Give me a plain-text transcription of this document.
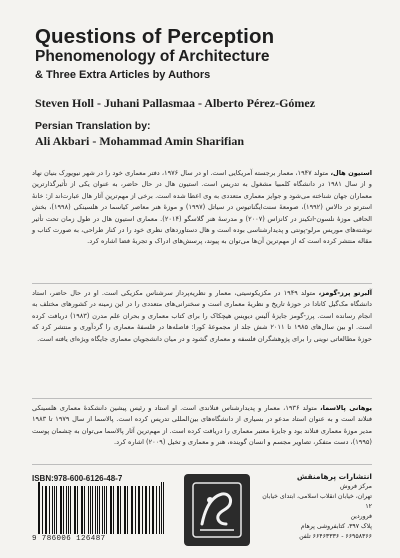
Questions of Perception

Phenomenology of Architecture

& Three Extra Articles by Authors

Steven Holl - Juhani Pallasmaa - Alberto Pérez-Gómez

Persian Translation by:

Ali Akbari - Mohammad Amin Sharifian

استیون هال، متولد ۱۹۴۷، معمار برجسته آمریکایی است. او در سال ۱۹۷۶، دفتر معماری خود را در شهر نیویورک بنیان نهاد و از سال ۱۹۸۱ در دانشگاه کلمبیا مشغول به تدریس است. استیون هال در حال حاضر، به عنوان یکی از تأثیرگذارترین معماران جهان شناخته می‌شود و جوایز معماری متعددی به وی اعطا شده است. برخی از مهم‌ترین آثار هال عبارت‌اند از: خانهٔ استرتو در دالاس (۱۹۹۲)، صومعهٔ سنت‌ایگناتیوس در سیاتل (۱۹۹۷) و موزهٔ هنر معاصر کیاسما در هلسینکی (۱۹۹۸)، بخش الحاقی موزهٔ نلسون-اتکینز در کانزاس (۲۰۰۷) و مدرسهٔ هنر گلاسگو (۲۰۱۴). معماری استیون هال در طول زمان تحت تأثیر نوشته‌های موریس مرلو-پونتی و پدیدارشناسی بوده است و هال دستاوردهای نظری خود را در کنار طراحی، به صورت کتاب و مقاله منتشر کرده است که از مهم‌ترین آن‌ها می‌توان به پیوند، پرسش‌های ادراک و تجربهٔ فضا اشاره کرد.
آلبرتو پرز-گومز، متولد ۱۹۴۹ در مکزیکوسیتی، معمار و نظریه‌پرداز سرشناس مکزیکی است. او در حال حاضر، استاد دانشگاه مک‌گیل کانادا در حوزهٔ تاریخ و نظریهٔ معماری است و سخنرانی‌های متعددی را در این زمینه در کشورهای مختلف به انجام رسانده است. پرز-گومز جایزهٔ آلیس دیویس هیچکاک را برای کتاب معماری و بحران علم مدرن (۱۹۸۳) دریافت کرده است. او بین سال‌های ۱۹۸۵ تا ۲۰۱۱ شش جلد از مجموعهٔ کورا: فاصله‌ها در فلسفهٔ معماری را گردآوری و منتشر کرد که حوزهٔ مطالعاتی نوینی را برای پژوهشگران فلسفه و معماری گشود و در میان دانشجویان معماری جایگاه ویژه‌ای یافته است.
یوهانی پالاسما، متولد ۱۹۳۶، معمار و پدیدارشناس فنلاندی است. او استاد و رئیس پیشین دانشکدهٔ معماری هلسینکی فنلاند است و به عنوان استاد مدعو در بسیاری از دانشگاه‌های بین‌المللی تدریس کرده است. پالاسما از سال ۱۹۷۹ تا ۱۹۸۳ مدیر موزهٔ معماری فنلاند بود و جایزهٔ معتبر معماری را دریافت کرده است. از مهم‌ترین آثار پالاسما می‌توان به چشمان پوست (۱۹۹۵)، دست متفکر، تصاویر مجسم و انسان گوینده، هنر و معماری و تخیل (۲۰۰۹) اشاره کرد.

ISBN:978-600-6126-48-7

9 786006 126487
انتشارات پرهامنقش
مرکز فروش
تهران، خیابان انقلاب اسلامی، ابتدای خیابان ۱۲
فروردین
پلاک ۳۹۷، کتابفروشی پرهام
۶۶۹۵۸۳۶۶ - ۶۶۴۶۳۳۳۶ تلفن
